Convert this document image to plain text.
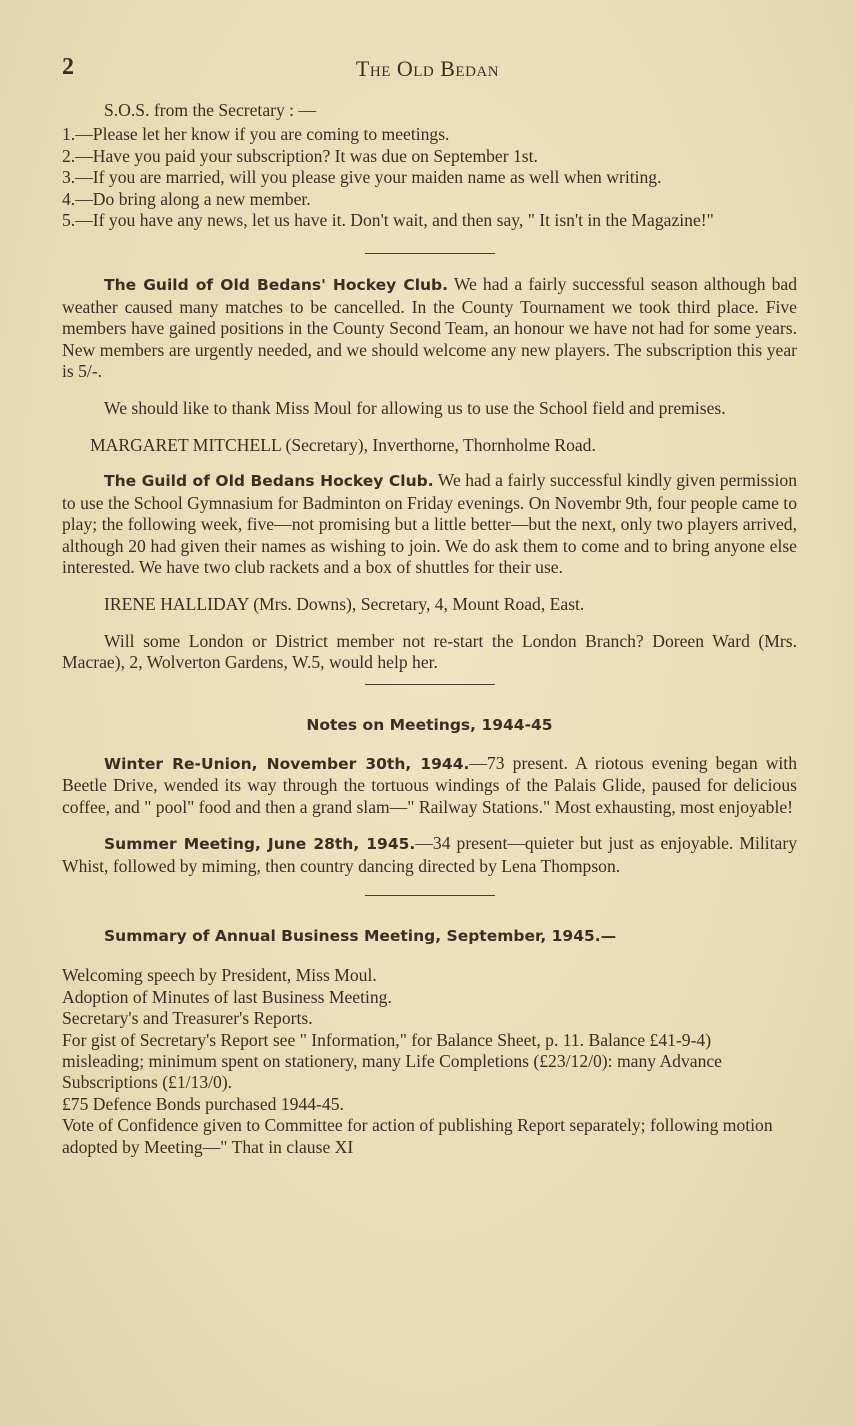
2	The Old Bedan

S.O.S. from the Secretary : —

1.—Please let her know if you are coming to meetings.

2.—Have you paid your subscription? It was due on September 1st.

3.—If you are married, will you please give your maiden name as well when writing.

4.—Do bring along a new member.

5.—If you have any news, let us have it. Don't wait, and then say, " It isn't in the Magazine!"

The Guild of Old Bedans' Hockey Club. We had a fairly successful season although bad weather caused many matches to be cancelled. In the County Tournament we took third place. Five members have gained positions in the County Second Team, an honour we have not had for some years. New members are urgently needed, and we should welcome any new players. The subscription this year is 5/-.

We should like to thank Miss Moul for allowing us to use the School field and premises.

MARGARET MITCHELL (Secretary), Inverthorne, Thornholme Road.

The Guild of Old Bedans Hockey Club. We had a fairly successful kindly given permission to use the School Gymnasium for Badminton on Friday evenings. On Novembr 9th, four people came to play; the following week, five—not promising but a little better—but the next, only two players arrived, although 20 had given their names as wishing to join. We do ask them to come and to bring anyone else interested. We have two club rackets and a box of shuttles for their use.

IRENE HALLIDAY (Mrs. Downs), Secretary, 4, Mount Road, East.

Will some London or District member not re-start the London Branch? Doreen Ward (Mrs. Macrae), 2, Wolverton Gardens, W.5, would help her.

Notes on Meetings, 1944-45

Winter Re-Union, November 30th, 1944.—73 present. A riotous evening began with Beetle Drive, wended its way through the tortuous windings of the Palais Glide, paused for delicious coffee, and " pool" food and then a grand slam—" Railway Stations." Most exhausting, most enjoyable!

Summer Meeting, June 28th, 1945.—34 present—quieter but just as enjoyable. Military Whist, followed by miming, then country dancing directed by Lena Thompson.

Summary of Annual Business Meeting, September, 1945.—

Welcoming speech by President, Miss Moul.

Adoption of Minutes of last Business Meeting.

Secretary's and Treasurer's Reports.

For gist of Secretary's Report see " Information," for Balance Sheet, p. 11. Balance £41-9-4) misleading; minimum spent on stationery, many Life Completions (£23/12/0): many Advance Subscriptions (£1/13/0).

£75 Defence Bonds purchased 1944-45.

Vote of Confidence given to Committee for action of publishing Report separately; following motion adopted by Meeting—" That in clause XI
